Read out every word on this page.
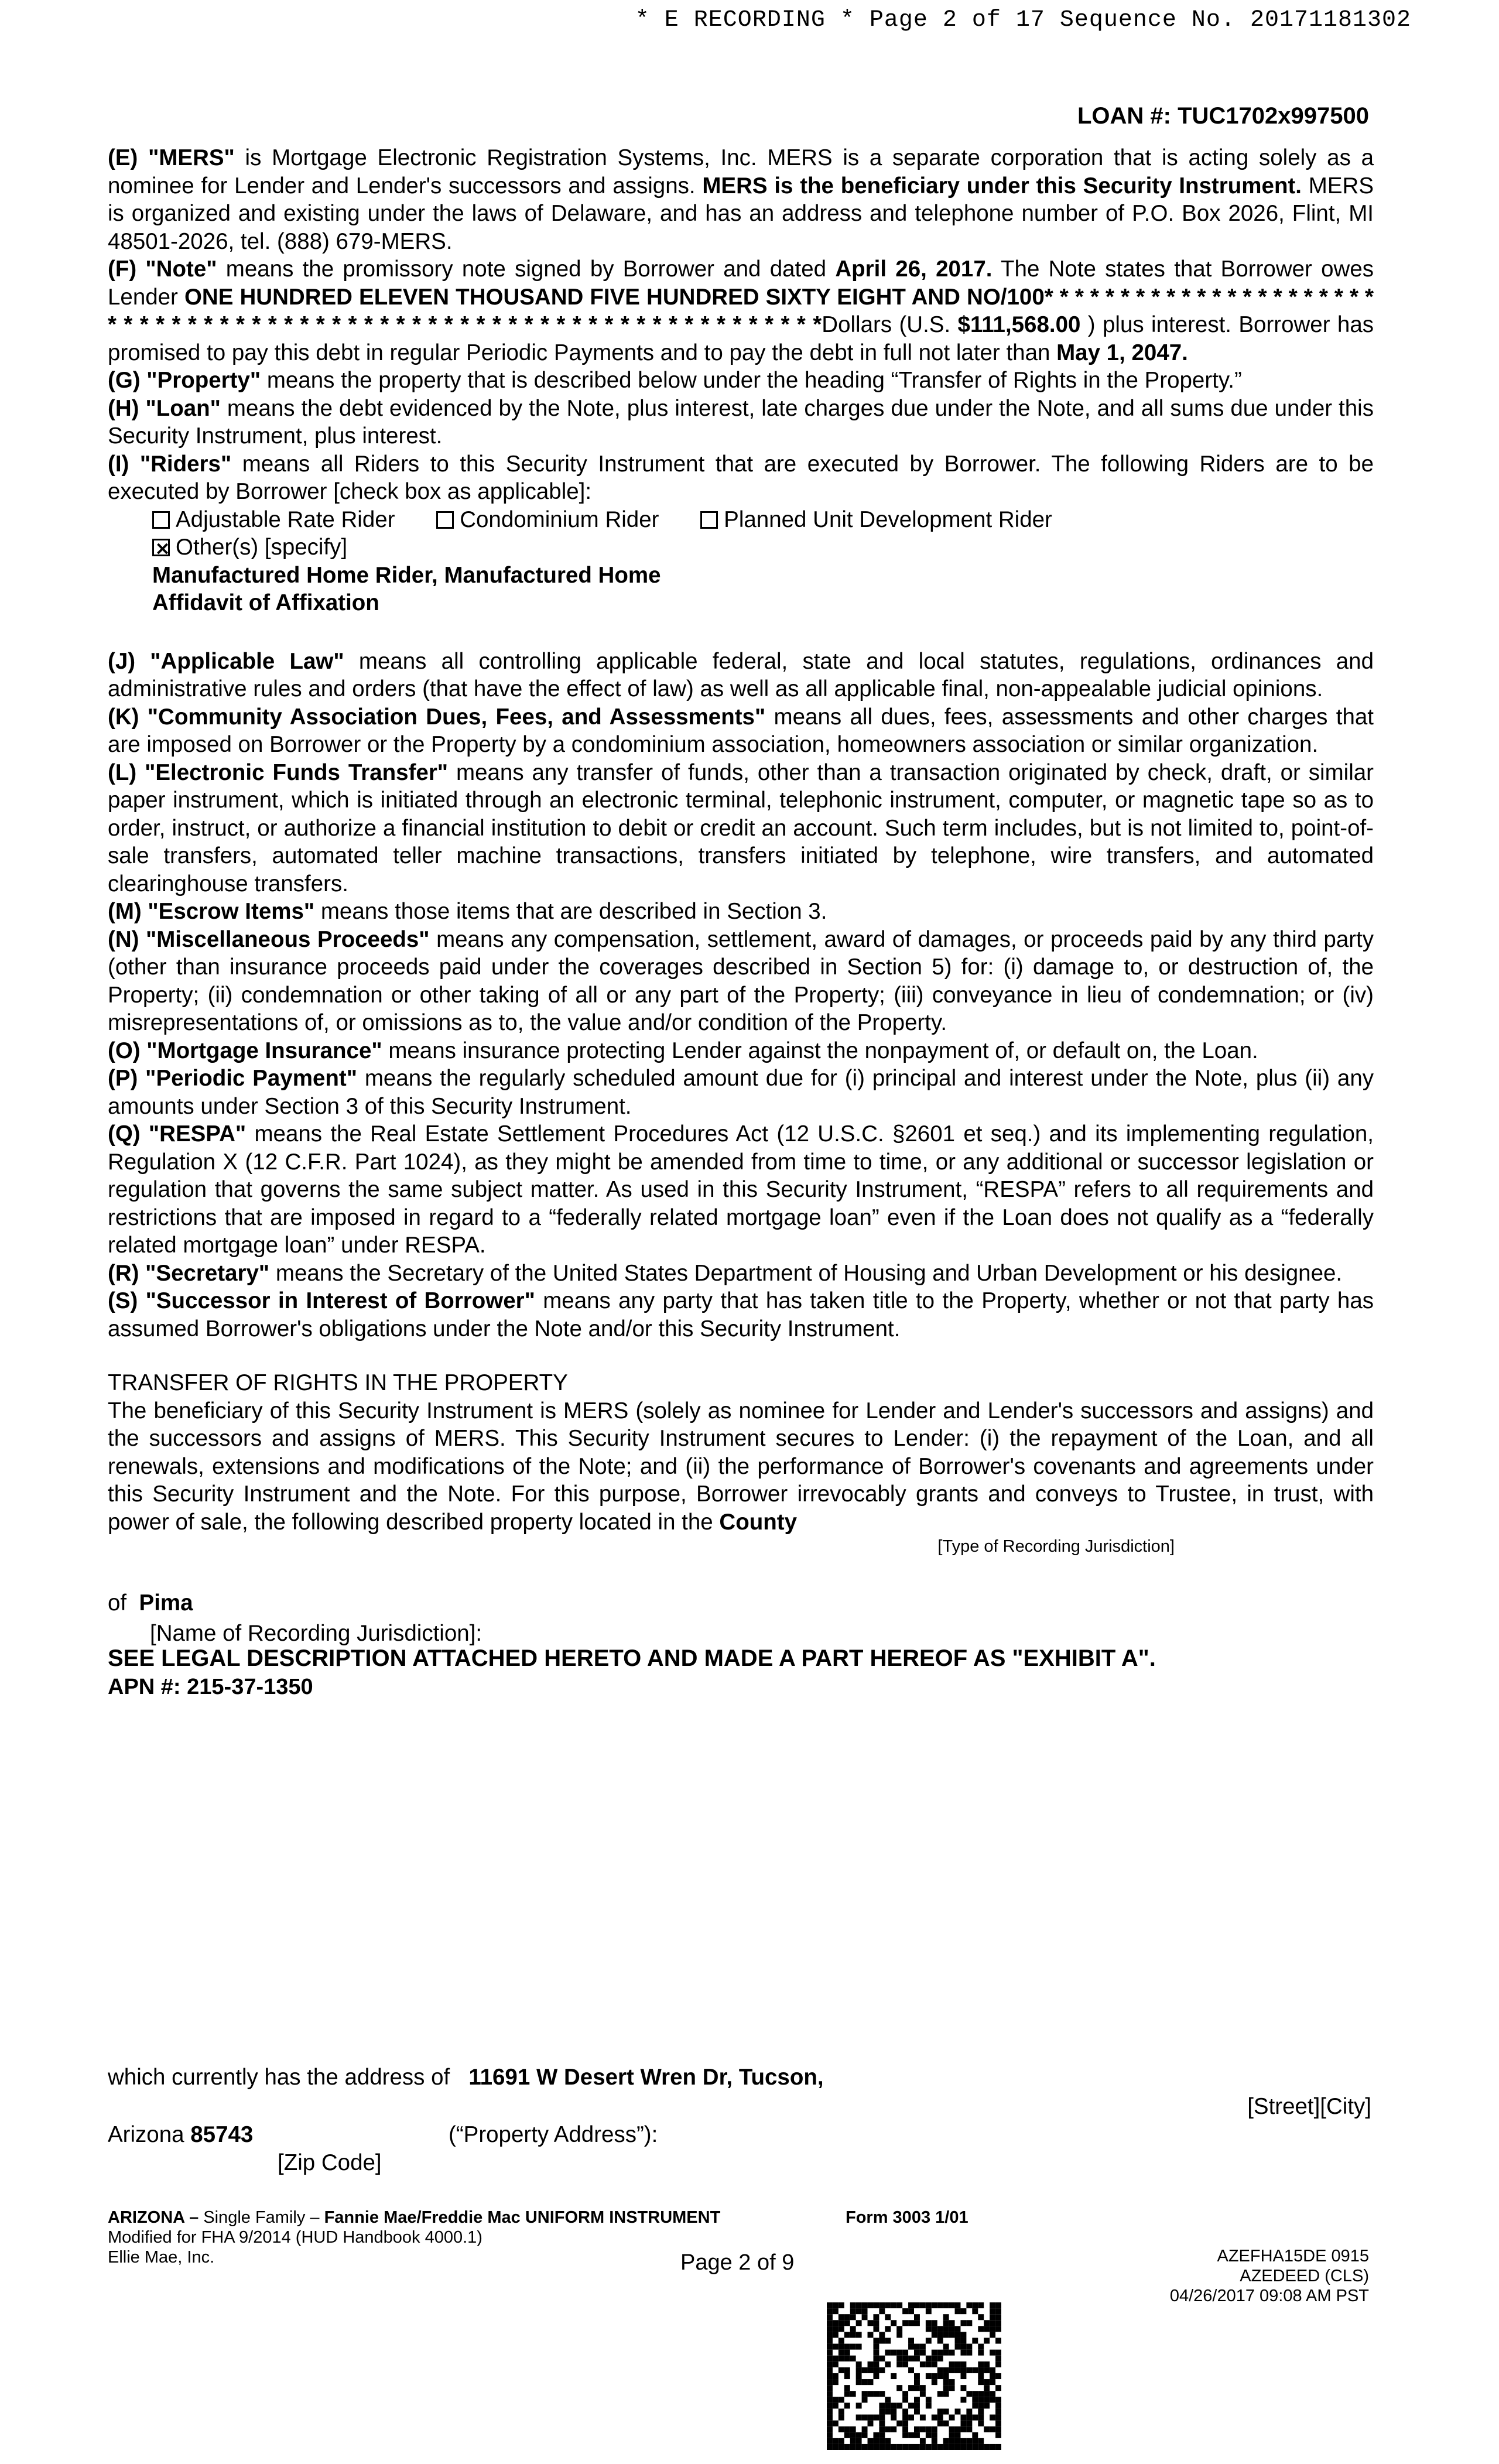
* E RECORDING * Page 2 of 17 Sequence No. 20171181302
LOAN #: TUC1702x997500

(E) "MERS" is Mortgage Electronic Registration Systems, Inc. MERS is a separate corporation that is acting solely as a nominee for Lender and Lender's successors and assigns. MERS is the beneficiary under this Security Instrument. MERS is organized and existing under the laws of Delaware, and has an address and telephone number of P.O. Box 2026, Flint, MI 48501-2026, tel. (888) 679-MERS.

(F) "Note" means the promissory note signed by Borrower and dated April 26, 2017. The Note states that Borrower owes Lender ONE HUNDRED ELEVEN THOUSAND FIVE HUNDRED SIXTY EIGHT AND NO/100* * * * * * * * * * * * * * * * * * * * * * * * * * * * * * * * * * * * * * * * * * * * * * * * * * * * * * * * * * * * * * * * * * *Dollars (U.S. $111,568.00 ) plus interest. Borrower has promised to pay this debt in regular Periodic Payments and to pay the debt in full not later than May 1, 2047.

(G) "Property" means the property that is described below under the heading “Transfer of Rights in the Property.”

(H) "Loan" means the debt evidenced by the Note, plus interest, late charges due under the Note, and all sums due under this Security Instrument, plus interest.

(I) "Riders" means all Riders to this Security Instrument that are executed by Borrower. The following Riders are to be executed by Borrower [check box as applicable]:

Adjustable Rate Rider	Condominium Rider	Planned Unit Development Rider
✕Other(s) [specify]
Manufactured Home Rider, Manufactured Home
Affidavit of Affixation

(J) "Applicable Law" means all controlling applicable federal, state and local statutes, regulations, ordinances and administrative rules and orders (that have the effect of law) as well as all applicable final, non-appealable judicial opinions.

(K) "Community Association Dues, Fees, and Assessments" means all dues, fees, assessments and other charges that are imposed on Borrower or the Property by a condominium association, homeowners association or similar organization.

(L) "Electronic Funds Transfer" means any transfer of funds, other than a transaction originated by check, draft, or similar paper instrument, which is initiated through an electronic terminal, telephonic instrument, computer, or magnetic tape so as to order, instruct, or authorize a financial institution to debit or credit an account. Such term includes, but is not limited to, point-of-sale transfers, automated teller machine transactions, transfers initiated by telephone, wire transfers, and automated clearinghouse transfers.

(M) "Escrow Items" means those items that are described in Section 3.

(N) "Miscellaneous Proceeds" means any compensation, settlement, award of damages, or proceeds paid by any third party (other than insurance proceeds paid under the coverages described in Section 5) for: (i) damage to, or destruction of, the Property; (ii) condemnation or other taking of all or any part of the Property; (iii) conveyance in lieu of condemnation; or (iv) misrepresentations of, or omissions as to, the value and/or condition of the Property.

(O) "Mortgage Insurance" means insurance protecting Lender against the nonpayment of, or default on, the Loan.

(P) "Periodic Payment" means the regularly scheduled amount due for (i) principal and interest under the Note, plus (ii) any amounts under Section 3 of this Security Instrument.

(Q) "RESPA" means the Real Estate Settlement Procedures Act (12 U.S.C. §2601 et seq.) and its implementing regulation, Regulation X (12 C.F.R. Part 1024), as they might be amended from time to time, or any additional or successor legislation or regulation that governs the same subject matter. As used in this Security Instrument, “RESPA” refers to all requirements and restrictions that are imposed in regard to a “federally related mortgage loan” even if the Loan does not qualify as a “federally related mortgage loan” under RESPA.

(R) "Secretary" means the Secretary of the United States Department of Housing and Urban Development or his designee.

(S) "Successor in Interest of Borrower" means any party that has taken title to the Property, whether or not that party has assumed Borrower's obligations under the Note and/or this Security Instrument.

TRANSFER OF RIGHTS IN THE PROPERTY

The beneficiary of this Security Instrument is MERS (solely as nominee for Lender and Lender's successors and assigns) and the successors and assigns of MERS. This Security Instrument secures to Lender: (i) the repayment of the Loan, and all renewals, extensions and modifications of the Note; and (ii) the performance of Borrower's covenants and agreements under this Security Instrument and the Note. For this purpose, Borrower irrevocably grants and conveys to Trustee, in trust, with power of sale, the following described property located in the County

[Type of Recording Jurisdiction]
of Pima
[Name of Recording Jurisdiction]:
SEE LEGAL DESCRIPTION ATTACHED HERETO AND MADE A PART HEREOF AS "EXHIBIT A".
APN #: 215-37-1350
which currently has the address of 11691 W Desert Wren Dr, Tucson,
[Street][City]
Arizona 85743	(“Property Address”):
[Zip Code]
ARIZONA – Single Family – Fannie Mae/Freddie Mac UNIFORM INSTRUMENT	Form 3003 1/01
Modified for FHA 9/2014 (HUD Handbook 4000.1)
Ellie Mae, Inc.	Page 2 of 9	AZEFHA15DE 0915
AZEDEED (CLS)
04/26/2017 09:08 AM PST
